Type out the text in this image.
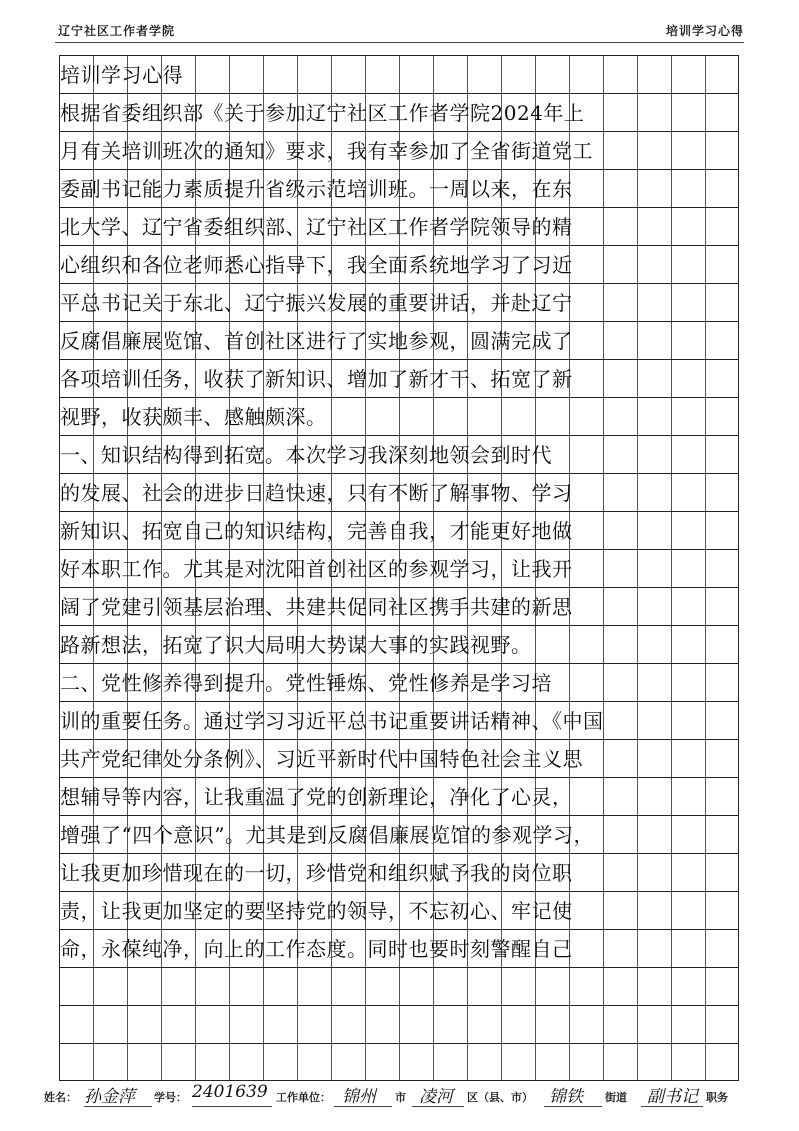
辽宁社区工作者学院	培训学习心得
培训学习心得
根据省委组织部《关于参加辽宁社区工作者学院2024年上
月有关培训班次的通知》要求，我有幸参加了全省街道党工
委副书记能力素质提升省级示范培训班。一周以来，在东
北大学、辽宁省委组织部、辽宁社区工作者学院领导的精
心组织和各位老师悉心指导下，我全面系统地学习了习近
平总书记关于东北、辽宁振兴发展的重要讲话，并赴辽宁
反腐倡廉展览馆、首创社区进行了实地参观，圆满完成了
各项培训任务，收获了新知识、增加了新才干、拓宽了新
视野，收获颇丰、感触颇深。
一、知识结构得到拓宽。本次学习我深刻地领会到时代
的发展、社会的进步日趋快速，只有不断了解事物、学习
新知识、拓宽自己的知识结构，完善自我，才能更好地做
好本职工作。尤其是对沈阳首创社区的参观学习，让我开
阔了党建引领基层治理、共建共促同社区携手共建的新思
路新想法，拓宽了识大局明大势谋大事的实践视野。
二、党性修养得到提升。党性锤炼、党性修养是学习培
训的重要任务。通过学习习近平总书记重要讲话精神、《中国
共产党纪律处分条例》、习近平新时代中国特色社会主义思
想辅导等内容，让我重温了党的创新理论，净化了心灵，
增强了“四个意识”。尤其是到反腐倡廉展览馆的参观学习，
让我更加珍惜现在的一切，珍惜党和组织赋予我的岗位职
责，让我更加坚定的要坚持党的领导，不忘初心、牢记使
命，永葆纯净，向上的工作态度。同时也要时刻警醒自己
姓名： 孙金萍 学号： 2401639 工作单位： 锦州 市 凌河 区（县、市） 锦铁 街道 副书记 职务
